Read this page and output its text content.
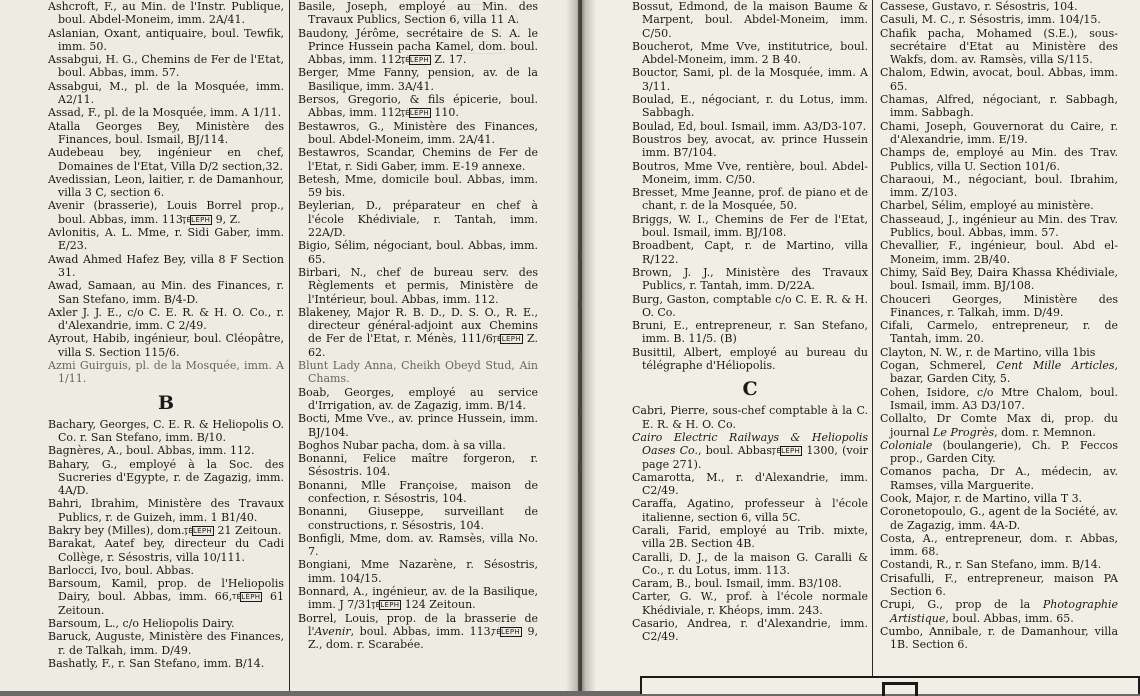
Ashcroft, F., au Min. de l'Instr. Publique, boul. Abdel-Moneim, imm. 2A/41.
Aslanian, Oxant, antiquaire, boul. Tewfik, imm. 50.
Assabgui, H. G., Chemins de Fer de l'Etat, boul. Abbas, imm. 57.
Assabgui, M., pl. de la Mosquée, imm. A2/11.
Assad, F., pl. de la Mosquée, imm. A 1/11.
Atalla Georges Bey, Ministère des Finances, boul. Ismail, BJ/114.
Audebeau bey, ingénieur en chef, Domaines de l'Etat, Villa D/2 section,32.
Avedissian, Leon, laitier, r. de Damanhour, villa 3 C, section 6.
Avenir (brasserie), Louis Borrel prop., boul. Abbas, imm. 113, TÉLÉPH 9, Z.
Avlonitis, A. L. Mme, r. Sidi Gaber, imm. E/23.
Awad Ahmed Hafez Bey, villa 8 F Section 31.
Awad, Samaan, au Min. des Finances, r. San Stefano, imm. B/4-D.
Axler J. J. E., c/o C. E. R. & H. O. Co., r. d'Alexandrie, imm. C 2/49.
Ayrout, Habib, ingénieur, boul. Cléopâtre, villa S. Section 115/6.
Azmi Guirguis, pl. de la Mosquée, imm. A 1/11.
B
Bachary, Georges, C. E. R. & Heliopolis O. Co. r. San Stefano, imm. B/10.
Bagnères, A., boul. Abbas, imm. 112.
Bahary, G., employé à la Soc. des Sucreries d'Egypte, r. de Zagazig, imm. 4A/D.
Bahri, Ibrahim, Ministère des Travaux Publics, r. de Guizeh, imm. 1 B1/40.
Bakry bey (Milles), dom., TÉLÉPH 21 Zeitoun.
Barakat, Aatef bey, directeur du Cadi Collège, r. Sésostris, villa 10/111.
Barlocci, Ivo, boul. Abbas.
Barsoum, Kamil, prop. de l'Heliopolis Dairy, boul. Abbas, imm. 66, TÉLÉPH 61 Zeitoun.
Barsoum, L., c/o Heliopolis Dairy.
Baruck, Auguste, Ministère des Finances, r. de Talkah, imm. D/49.
Bashatly, F., r. San Stefano, imm. B/14.
Basile, Joseph, employé au Min. des Travaux Publics, Section 6, villa 11 A.
Baudony, Jérôme, secrétaire de S. A. le Prince Hussein pacha Kamel, dom. boul. Abbas, imm. 112, TÉLÉPH Z. 17.
Berger, Mme Fanny, pension, av. de la Basilique, imm. 3A/41.
Bersos, Gregorio, & fils épicerie, boul. Abbas, imm. 112, TÉLÉPH 110.
Bestawros, G., Ministère des Finances, boul. Abdel-Moneim, imm. 2A/41.
Bestawros, Scandar, Chemins de Fer de l'Etat, r. Sidi Gaber, imm. E-19 annexe.
Betesh, Mme, domicile boul. Abbas, imm. 59 bis.
Beylerian, D., préparateur en chef à l'école Khédiviale, r. Tantah, imm. 22A/D.
Bigio, Sélim, négociant, boul. Abbas, imm. 65.
Birbari, N., chef de bureau serv. des Règlements et permis, Ministère de l'Intérieur, boul. Abbas, imm. 112.
Blakeney, Major R. B. D., D. S. O., R. E., directeur général-adjoint aux Chemins de Fer de l'Etat, r. Ménès, 111/6, TÉLÉPH Z. 62.
Blunt Lady Anna, Cheikh Obeyd Stud, Ain Chams.
Boab, Georges, employé au service d'Irrigation, av. de Zagazig, imm. B/14.
Bocti, Mme Vve., av. prince Hussein, imm. BJ/104.
Boghos Nubar pacha, dom. à sa villa.
Bonanni, Felice maître forgeron, r. Sésostris. 104.
Bonanni, Mlle Françoise, maison de confection, r. Sésostris, 104.
Bonanni, Giuseppe, surveillant de constructions, r. Sésostris, 104.
Bonfigli, Mme, dom. av. Ramsès, villa No. 7.
Bongiani, Mme Nazarène, r. Sésostris, imm. 104/15.
Bonnard, A., ingénieur, av. de la Basilique, imm. J 7/31, TÉLÉPH 124 Zeitoun.
Borrel, Louis, prop. de la brasserie de l'Avenir, boul. Abbas, imm. 113, TÉLÉPH 9, Z., dom. r. Scarabée.
Bossut, Edmond, de la maison Baume & Marpent, boul. Abdel-Moneim, imm. C/50.
Boucherot, Mme Vve, institutrice, boul. Abdel-Moneim, imm. 2 B 40.
Bouctor, Sami, pl. de la Mosquée, imm. A 3/11.
Boulad, E., négociant, r. du Lotus, imm. Sabbagh.
Boulad, Ed, boul. Ismail, imm. A3/D3-107.
Boustros bey, avocat, av. prince Hussein imm. B7/104.
Boutros, Mme Vve, rentière, boul. Abdel-Moneim, imm. C/50.
Bresset, Mme Jeanne, prof. de piano et de chant, r. de la Mosquée, 50.
Briggs, W. I., Chemins de Fer de l'Etat, boul. Ismail, imm. BJ/108.
Broadbent, Capt, r. de Martino, villa R/122.
Brown, J. J., Ministère des Travaux Publics, r. Tantah, imm. D/22A.
Burg, Gaston, comptable c/o C. E. R. & H. O. Co.
Bruni, E., entrepreneur, r. San Stefano, imm. B. 11/5. (B)
Busittil, Albert, employé au bureau du télégraphe d'Héliopolis.
C
Cabri, Pierre, sous-chef comptable à la C. E. R. & H. O. Co.
Cairo Electric Railways & Heliopolis Oases Co., boul. Abbas, TÉLÉPH 1300, (voir page 271).
Camarotta, M., r. d'Alexandrie, imm. C2/49.
Caraffa, Agatino, professeur à l'école italienne, section 6, villa 5C.
Carali, Farid, employé au Trib. mixte, villa 2B. Section 4B.
Caralli, D. J., de la maison G. Caralli & Co., r. du Lotus, imm. 113.
Caram, B., boul. Ismail, imm. B3/108.
Carter, G. W., prof. à l'école normale Khédiviale, r. Khéops, imm. 243.
Casario, Andrea, r. d'Alexandrie, imm. C2/49.
Cassese, Gustavo, r. Sésostris, 104.
Casuli, M. C., r. Sésostris, imm. 104/15.
Chafik pacha, Mohamed (S.E.), sous-secrétaire d'Etat au Ministère des Wakfs, dom. av. Ramsès, villa S/115.
Chalom, Edwin, avocat, boul. Abbas, imm. 65.
Chamas, Alfred, négociant, r. Sabbagh, imm. Sabbagh.
Chami, Joseph, Gouvernorat du Caire, r. d'Alexandrie, imm. E/19.
Champs de, employé au Min. des Trav. Publics, villa U. Section 101/6.
Charaoui, M., négociant, boul. Ibrahim, imm. Z/103.
Charbel, Sélim, employé au ministère.
Chasseaud, J., ingénieur au Min. des Trav. Publics, boul. Abbas, imm. 57.
Chevallier, F., ingénieur, boul. Abd el-Moneim, imm. 2B/40.
Chimy, Saïd Bey, Daira Khassa Khédiviale, boul. Ismail, imm. BJ/108.
Chouceri Georges, Ministère des Finances, r. Talkah, imm. D/49.
Cifali, Carmelo, entrepreneur, r. de Tantah, imm. 20.
Clayton, N. W., r. de Martino, villa 1bis
Cogan, Schmerel, Cent Mille Articles, bazar, Garden City, 5.
Cohen, Isidore, c/o Mtre Chalom, boul. Ismail, imm. A3 D3/107.
Collalto, Dr Comte Max di, prop. du journal Le Progrès, dom. r. Memnon.
Coloniale (boulangerie), Ch. P. Feccos prop., Garden City.
Comanos pacha, Dr A., médecin, av. Ramses, villa Marguerite.
Cook, Major, r. de Martino, villa T 3.
Coronetopoulo, G., agent de la Société, av. de Zagazig, imm. 4A-D.
Costa, A., entrepreneur, dom. r. Abbas, imm. 68.
Costandi, R., r. San Stefano, imm. B/14.
Crisafulli, F., entrepreneur, maison PA Section 6.
Crupi, G., prop de la Photographie Artistique, boul. Abbas, imm. 65.
Cumbo, Annibale, r. de Damanhour, villa 1B. Section 6.
